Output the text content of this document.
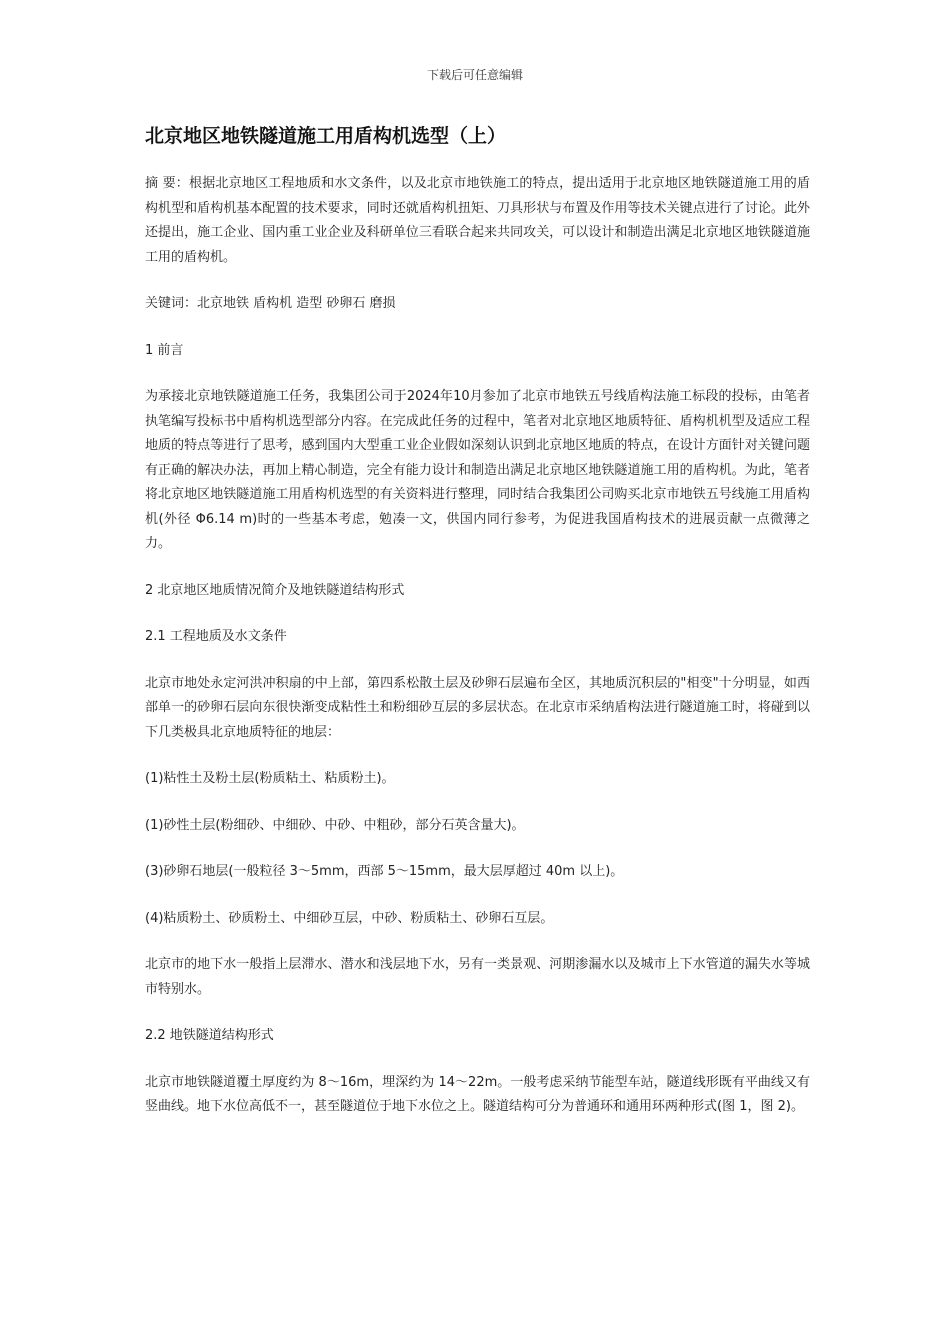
下载后可任意编辑
北京地区地铁隧道施工用盾构机选型（上）

摘 要：根据北京地区工程地质和水文条件，以及北京市地铁施工的特点，提出适用于北京地区地铁隧道施工用的盾构机型和盾构机基本配置的技术要求，同时还就盾构机扭矩、刀具形状与布置及作用等技术关键点进行了讨论。此外还提出，施工企业、国内重工业企业及科研单位三看联合起来共同攻关，可以设计和制造出满足北京地区地铁隧道施工用的盾构机。

关键词：北京地铁 盾构机 造型 砂卵石 磨损

1 前言

为承接北京地铁隧道施工任务，我集团公司于2024年10月参加了北京市地铁五号线盾构法施工标段的投标，由笔者执笔编写投标书中盾构机选型部分内容。在完成此任务的过程中，笔者对北京地区地质特征、盾构机机型及适应工程地质的特点等进行了思考，感到国内大型重工业企业假如深刻认识到北京地区地质的特点，在设计方面针对关键问题有正确的解决办法，再加上精心制造，完全有能力设计和制造出满足北京地区地铁隧道施工用的盾构机。为此，笔者将北京地区地铁隧道施工用盾构机选型的有关资料进行整理，同时结合我集团公司购买北京市地铁五号线施工用盾构机(外径 Φ6.14 m)时的一些基本考虑，勉凑一文，供国内同行参考，为促进我国盾构技术的进展贡献一点微薄之力。

2 北京地区地质情况简介及地铁隧道结构形式
2.1 工程地质及水文条件

北京市地处永定河洪冲积扇的中上部，第四系松散土层及砂卵石层遍布全区，其地质沉积层的"相变"十分明显，如西部单一的砂卵石层向东很快渐变成粘性土和粉细砂互层的多层状态。在北京市采纳盾构法进行隧道施工时，将碰到以下几类极具北京地质特征的地层：

(1)粘性土及粉土层(粉质粘土、粘质粉土)。

(1)砂性土层(粉细砂、中细砂、中砂、中粗砂，部分石英含量大)。

(3)砂卵石地层(一般粒径 3～5mm，西部 5～15mm，最大层厚超过 40m 以上)。

(4)粘质粉土、砂质粉土、中细砂互层，中砂、粉质粘土、砂卵石互层。

北京市的地下水一般指上层滞水、潜水和浅层地下水，另有一类景观、河期渗漏水以及城市上下水管道的漏失水等城市特别水。

2.2 地铁隧道结构形式

北京市地铁隧道覆土厚度约为 8～16m，埋深约为 14～22m。一般考虑采纳节能型车站，隧道线形既有平曲线又有竖曲线。地下水位高低不一，甚至隧道位于地下水位之上。隧道结构可分为普通环和通用环两种形式(图 1，图 2)。
